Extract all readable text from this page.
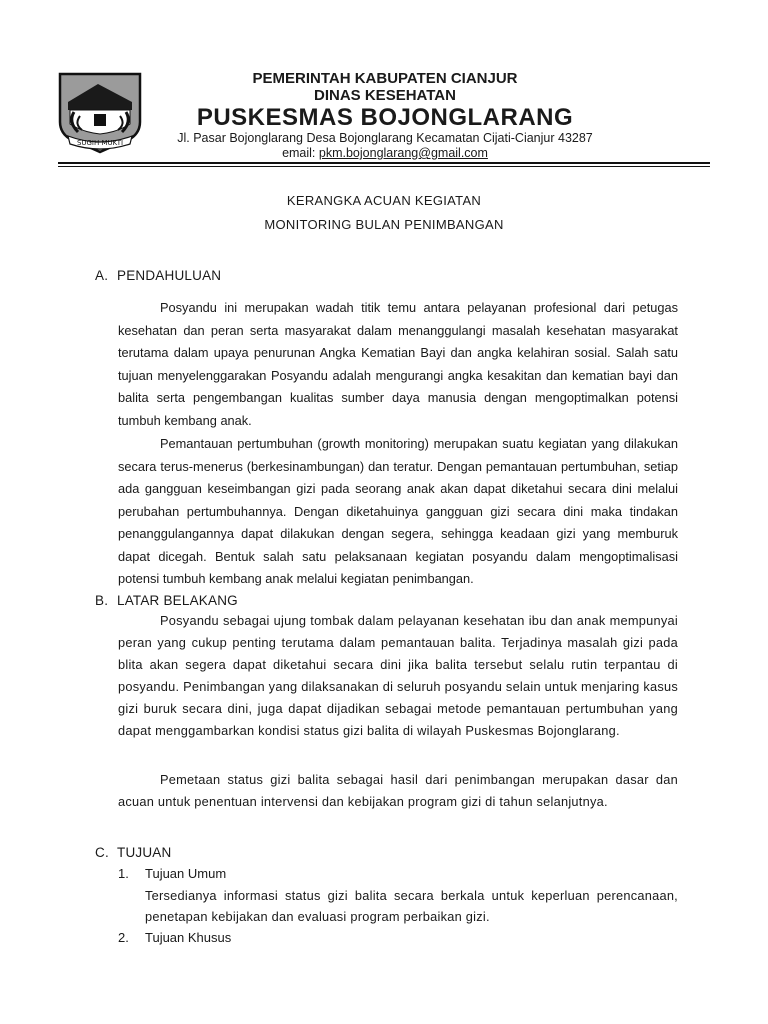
SUGIH MUKTI
PEMERINTAH KABUPATEN CIANJUR
DINAS KESEHATAN
PUSKESMAS BOJONGLARANG
Jl. Pasar Bojonglarang Desa Bojonglarang Kecamatan Cijati-Cianjur 43287
email: pkm.bojonglarang@gmail.com
KERANGKA ACUAN KEGIATAN
MONITORING BULAN PENIMBANGAN
A. PENDAHULUAN
Posyandu ini merupakan wadah titik temu antara pelayanan profesional dari petugas kesehatan dan peran serta masyarakat dalam menanggulangi masalah kesehatan masyarakat terutama dalam upaya penurunan Angka Kematian Bayi dan angka kelahiran sosial. Salah satu tujuan menyelenggarakan Posyandu adalah mengurangi angka kesakitan dan kematian bayi dan balita serta pengembangan kualitas sumber daya manusia dengan mengoptimalkan potensi tumbuh kembang anak.
Pemantauan pertumbuhan (growth monitoring) merupakan suatu kegiatan yang dilakukan secara terus-menerus (berkesinambungan) dan teratur. Dengan pemantauan pertumbuhan, setiap ada gangguan keseimbangan gizi pada seorang anak akan dapat diketahui secara dini melalui perubahan pertumbuhannya. Dengan diketahuinya gangguan gizi secara dini maka tindakan penanggulangannya dapat dilakukan dengan segera, sehingga keadaan gizi yang memburuk dapat dicegah. Bentuk salah satu pelaksanaan kegiatan posyandu dalam mengoptimalisasi potensi tumbuh kembang anak melalui kegiatan penimbangan.
B. LATAR BELAKANG
Posyandu sebagai ujung tombak dalam pelayanan kesehatan ibu dan anak mempunyai peran yang cukup penting terutama dalam pemantauan balita. Terjadinya masalah gizi pada blita akan segera dapat diketahui secara dini jika balita tersebut selalu rutin terpantau di posyandu. Penimbangan yang dilaksanakan di seluruh posyandu selain untuk menjaring kasus gizi buruk secara dini, juga dapat dijadikan sebagai metode pemantauan pertumbuhan yang dapat menggambarkan kondisi status gizi balita di wilayah Puskesmas Bojonglarang.
Pemetaan status gizi balita sebagai hasil dari penimbangan merupakan dasar dan acuan untuk penentuan intervensi dan kebijakan program gizi di tahun selanjutnya.
C. TUJUAN
1. Tujuan Umum
Tersedianya informasi status gizi balita secara berkala untuk keperluan perencanaan, penetapan kebijakan dan evaluasi program perbaikan gizi.
2. Tujuan Khusus
